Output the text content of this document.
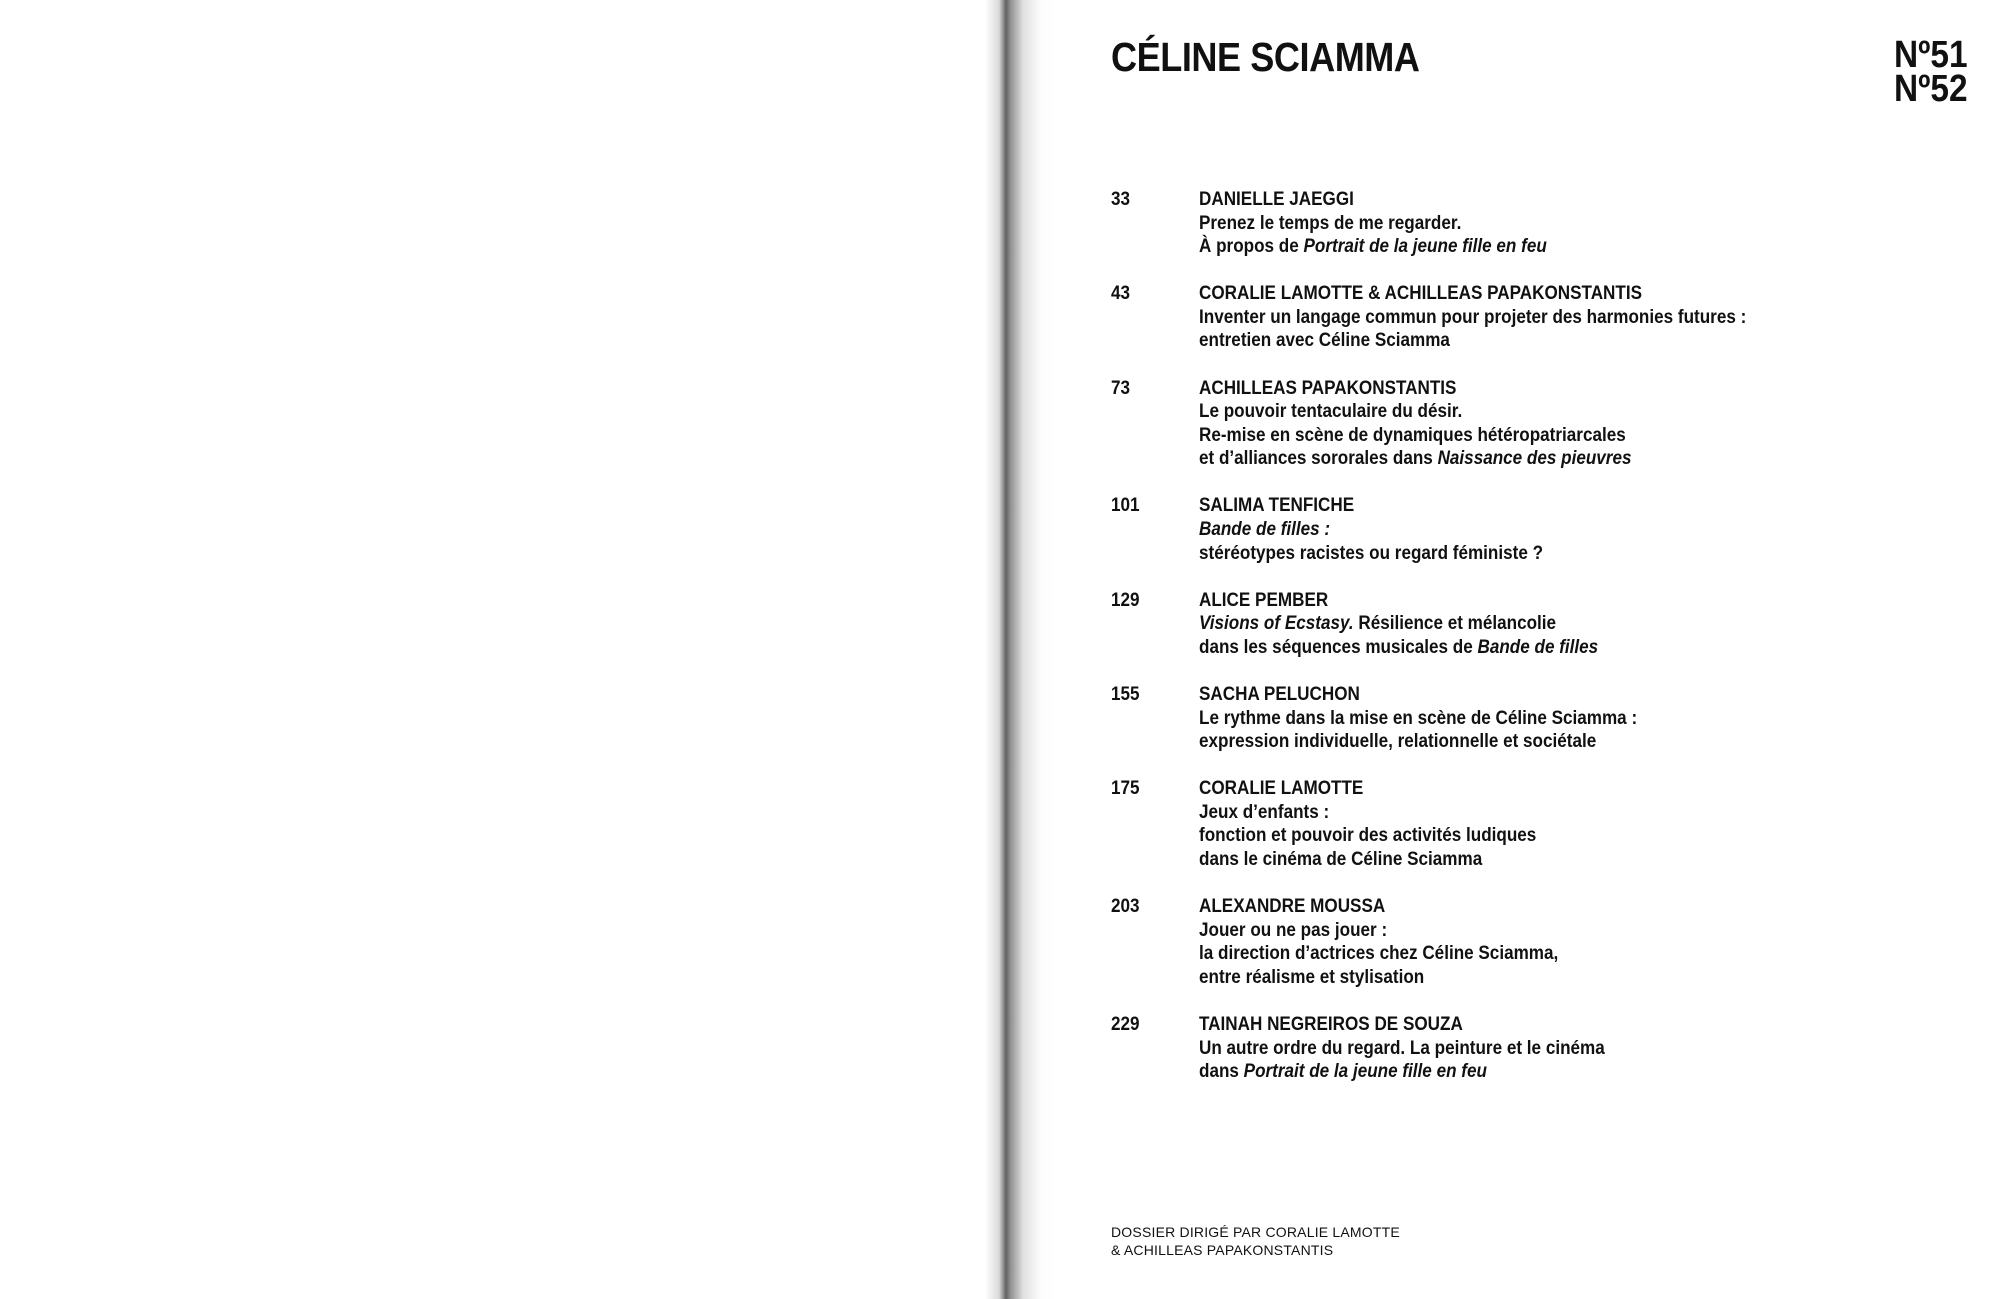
CÉLINE SCIAMMA	Nº51
Nº52
33	DANIELLE JAEGGI
Prenez le temps de me regarder.
À propos de Portrait de la jeune fille en feu
43	CORALIE LAMOTTE & ACHILLEAS PAPAKONSTANTIS
Inventer un langage commun pour projeter des harmonies futures :
entretien avec Céline Sciamma
73	ACHILLEAS PAPAKONSTANTIS
Le pouvoir tentaculaire du désir.
Re-mise en scène de dynamiques hétéropatriarcales
et d’alliances sororales dans Naissance des pieuvres
101	SALIMA TENFICHE
Bande de filles :
stéréotypes racistes ou regard féministe ?
129	ALICE PEMBER
Visions of Ecstasy. Résilience et mélancolie
dans les séquences musicales de Bande de filles
155	SACHA PELUCHON
Le rythme dans la mise en scène de Céline Sciamma :
expression individuelle, relationnelle et sociétale
175	CORALIE LAMOTTE
Jeux d’enfants :
fonction et pouvoir des activités ludiques
dans le cinéma de Céline Sciamma
203	ALEXANDRE MOUSSA
Jouer ou ne pas jouer :
la direction d’actrices chez Céline Sciamma,
entre réalisme et stylisation
229	TAINAH NEGREIROS DE SOUZA
Un autre ordre du regard. La peinture et le cinéma
dans Portrait de la jeune fille en feu
DOSSIER DIRIGÉ PAR CORALIE LAMOTTE
& ACHILLEAS PAPAKONSTANTIS
